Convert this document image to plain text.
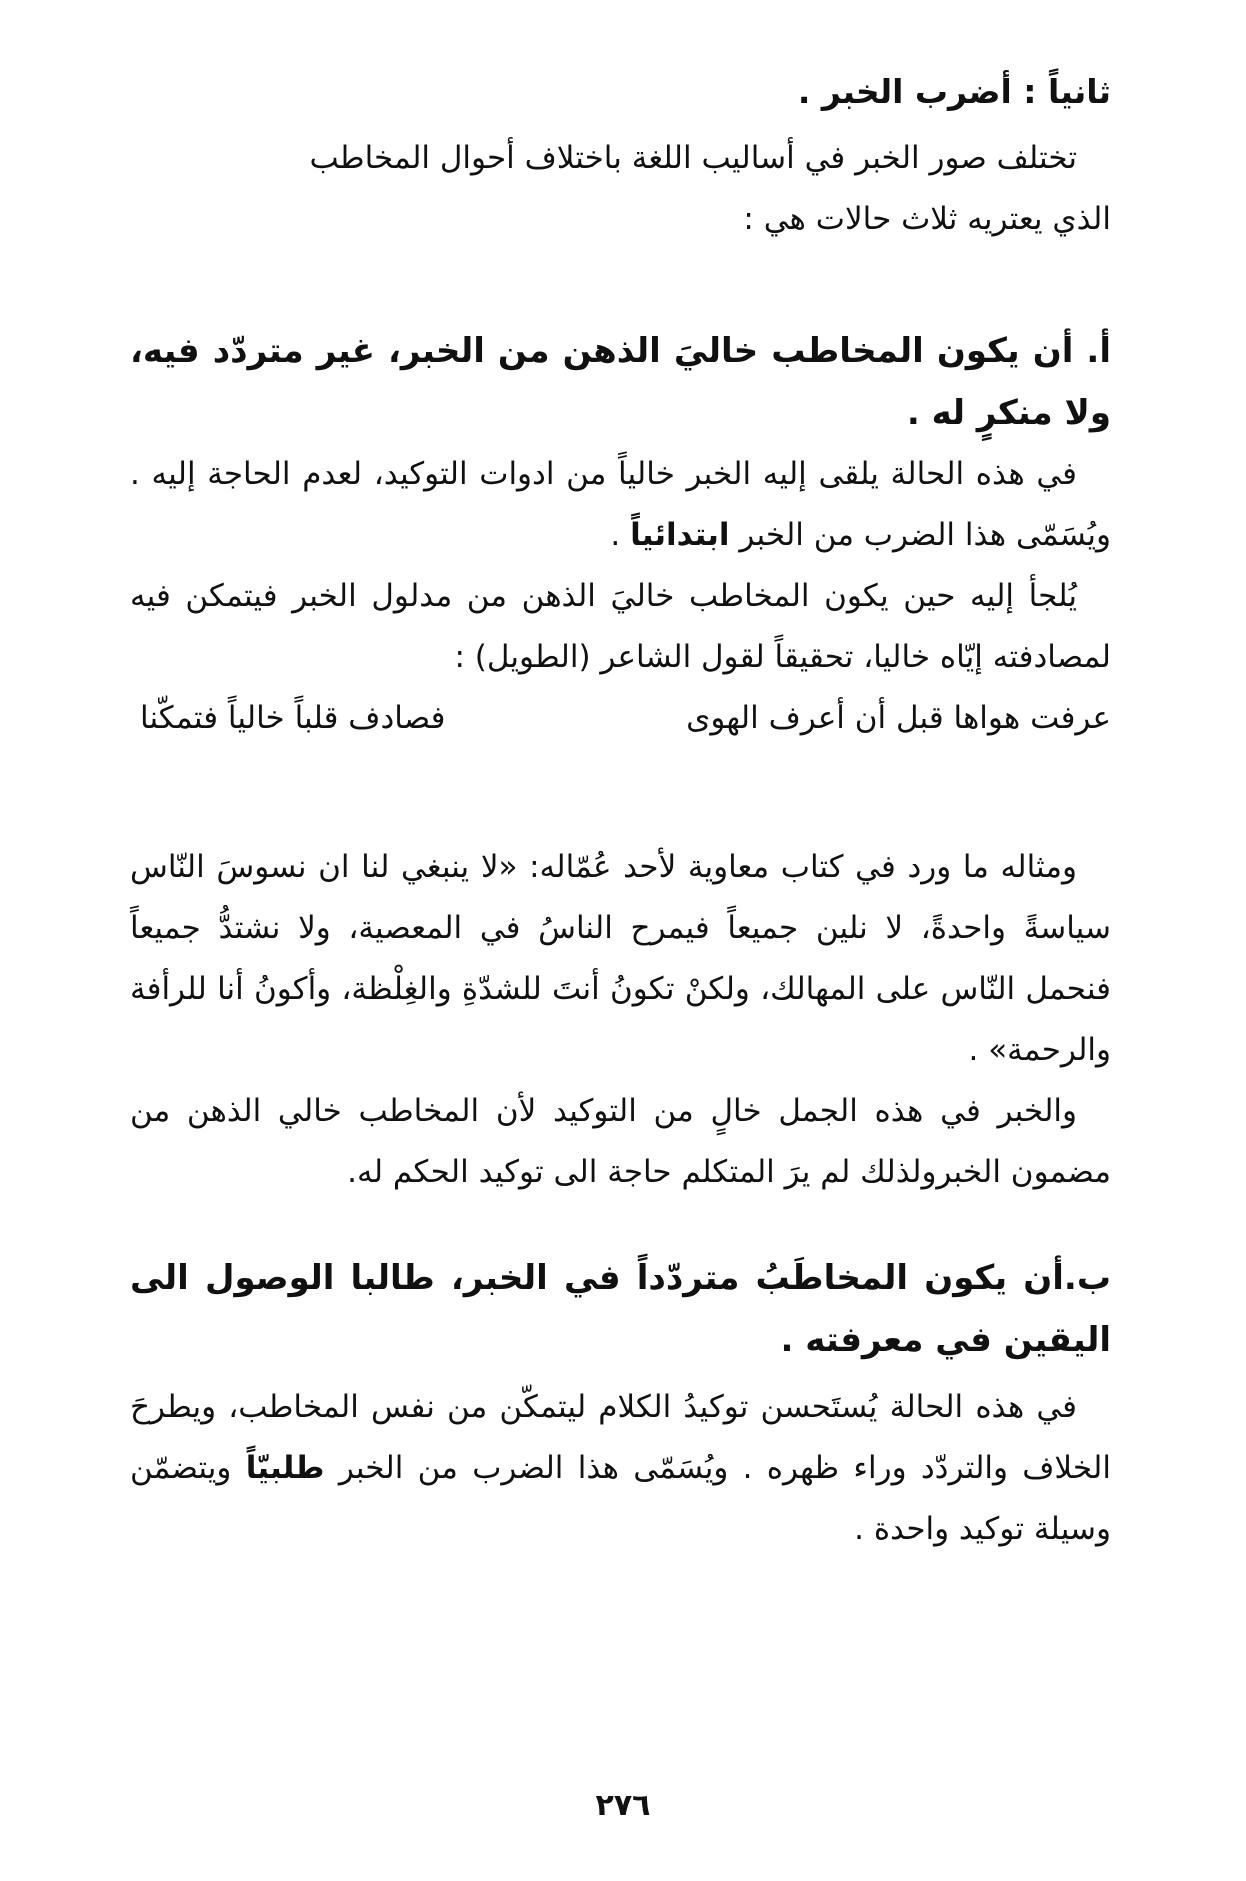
ثانياً : أضرب الخبر .

تختلف صور الخبر في أساليب اللغة باختلاف أحوال المخاطب

الذي يعتريه ثلاث حالات هي :

أ. أن يكون المخاطب خاليَ الذهن من الخبر، غير متردّد فيه، ولا منكرٍ له .

في هذه الحالة يلقى إليه الخبر خالياً من ادوات التوكيد، لعدم الحاجة إليه . ويُسَمّى هذا الضرب من الخبر ابتدائياً .

يُلجأ إليه حين يكون المخاطب خاليَ الذهن من مدلول الخبر فيتمكن فيه لمصادفته إيّاه خاليا، تحقيقاً لقول الشاعر (الطويل) :

عرفت هواها قبل أن أعرف الهوى
فصادف قلباً خالياً فتمكّنا

ومثاله ما ورد في كتاب معاوية لأحد عُمّاله: «لا ينبغي لنا ان نسوسَ النّاس سياسةً واحدةً، لا نلين جميعاً فيمرح الناسُ في المعصية، ولا نشتدُّ جميعاً فنحمل النّاس على المهالك، ولكنْ تكونُ أنتَ للشدّةِ والغِلْظة، وأكونُ أنا للرأفة والرحمة» .

والخبر في هذه الجمل خالٍ من التوكيد لأن المخاطب خالي الذهن من مضمون الخبرولذلك لم يرَ المتكلم حاجة الى توكيد الحكم له.

ب.أن يكون المخاطَبُ متردّداً في الخبر، طالبا الوصول الى اليقين في معرفته .

في هذه الحالة يُستَحسن توكيدُ الكلام ليتمكّن من نفس المخاطب، ويطرحَ الخلاف والتردّد وراء ظهره . ويُسَمّى هذا الضرب من الخبر طلبيّاً ويتضمّن وسيلة توكيد واحدة .

٢٧٦
